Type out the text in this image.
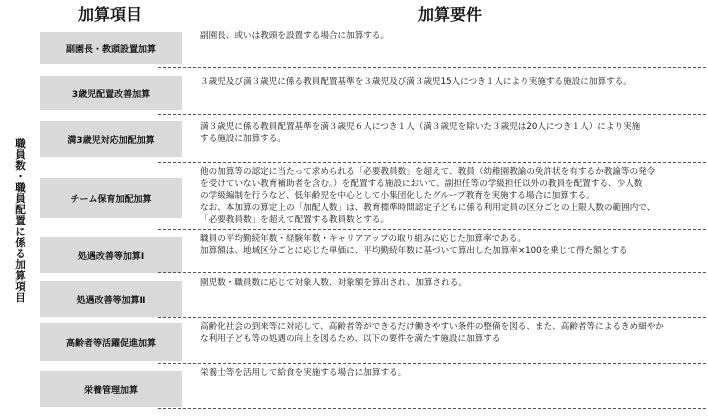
加算項目	加算要件
職員数・職員配置に係る加算項目
副園長・教頭設置加算
副園長、或いは教頭を設置する場合に加算する。
3歳児配置改善加算
３歳児及び満３歳児に係る教員配置基準を３歳児及び満３歳児15人につき１人により実施する施設に加算する。
満3歳児対応加配加算
満３歳児に係る教員配置基準を満３歳児６人につき１人（満３歳児を除いた３歳児は20人につき１人）により実施
する施設に加算する。
チーム保育加配加算
他の加算等の認定に当たって求められる「必要教員数」を超えて、教員（幼稚園教諭の免許状を有するか教諭等の発令
を受けていない教育補助者を含む。）を配置する施設において、副担任等の学級担任以外の教員を配置する、少人数
の学級編制を行うなど、低年齢児を中心として小集団化したグループ教育を実施する場合に加算する。
なお、本加算の算定上の「加配人数」は、教育標準時間認定子どもに係る利用定員の区分ごとの上限人数の範囲内で、
「必要教員数」を超えて配置する教員数とする。
処遇改善等加算Ⅰ
職員の平均勤続年数・経験年数・キャリアアップの取り組みに応じた加算率である。
加算額は、地域区分ごとに応じた単価に、平均勤続年数に基づいて算出した加算率×100を乗じて得た額とする
処遇改善等加算Ⅱ
園児数・職員数に応じて対象人数、対象額を算出され、加算される。
高齢者等活躍促進加算
高齢化社会の到来等に対応して、高齢者等ができるだけ働きやすい条件の整備を図る、また、高齢者等によるきめ細やか
な利用子ども等の処遇の向上を図るため、以下の要件を満たす施設に加算する
栄養管理加算
栄養士等を活用して給食を実施する場合に加算する。
